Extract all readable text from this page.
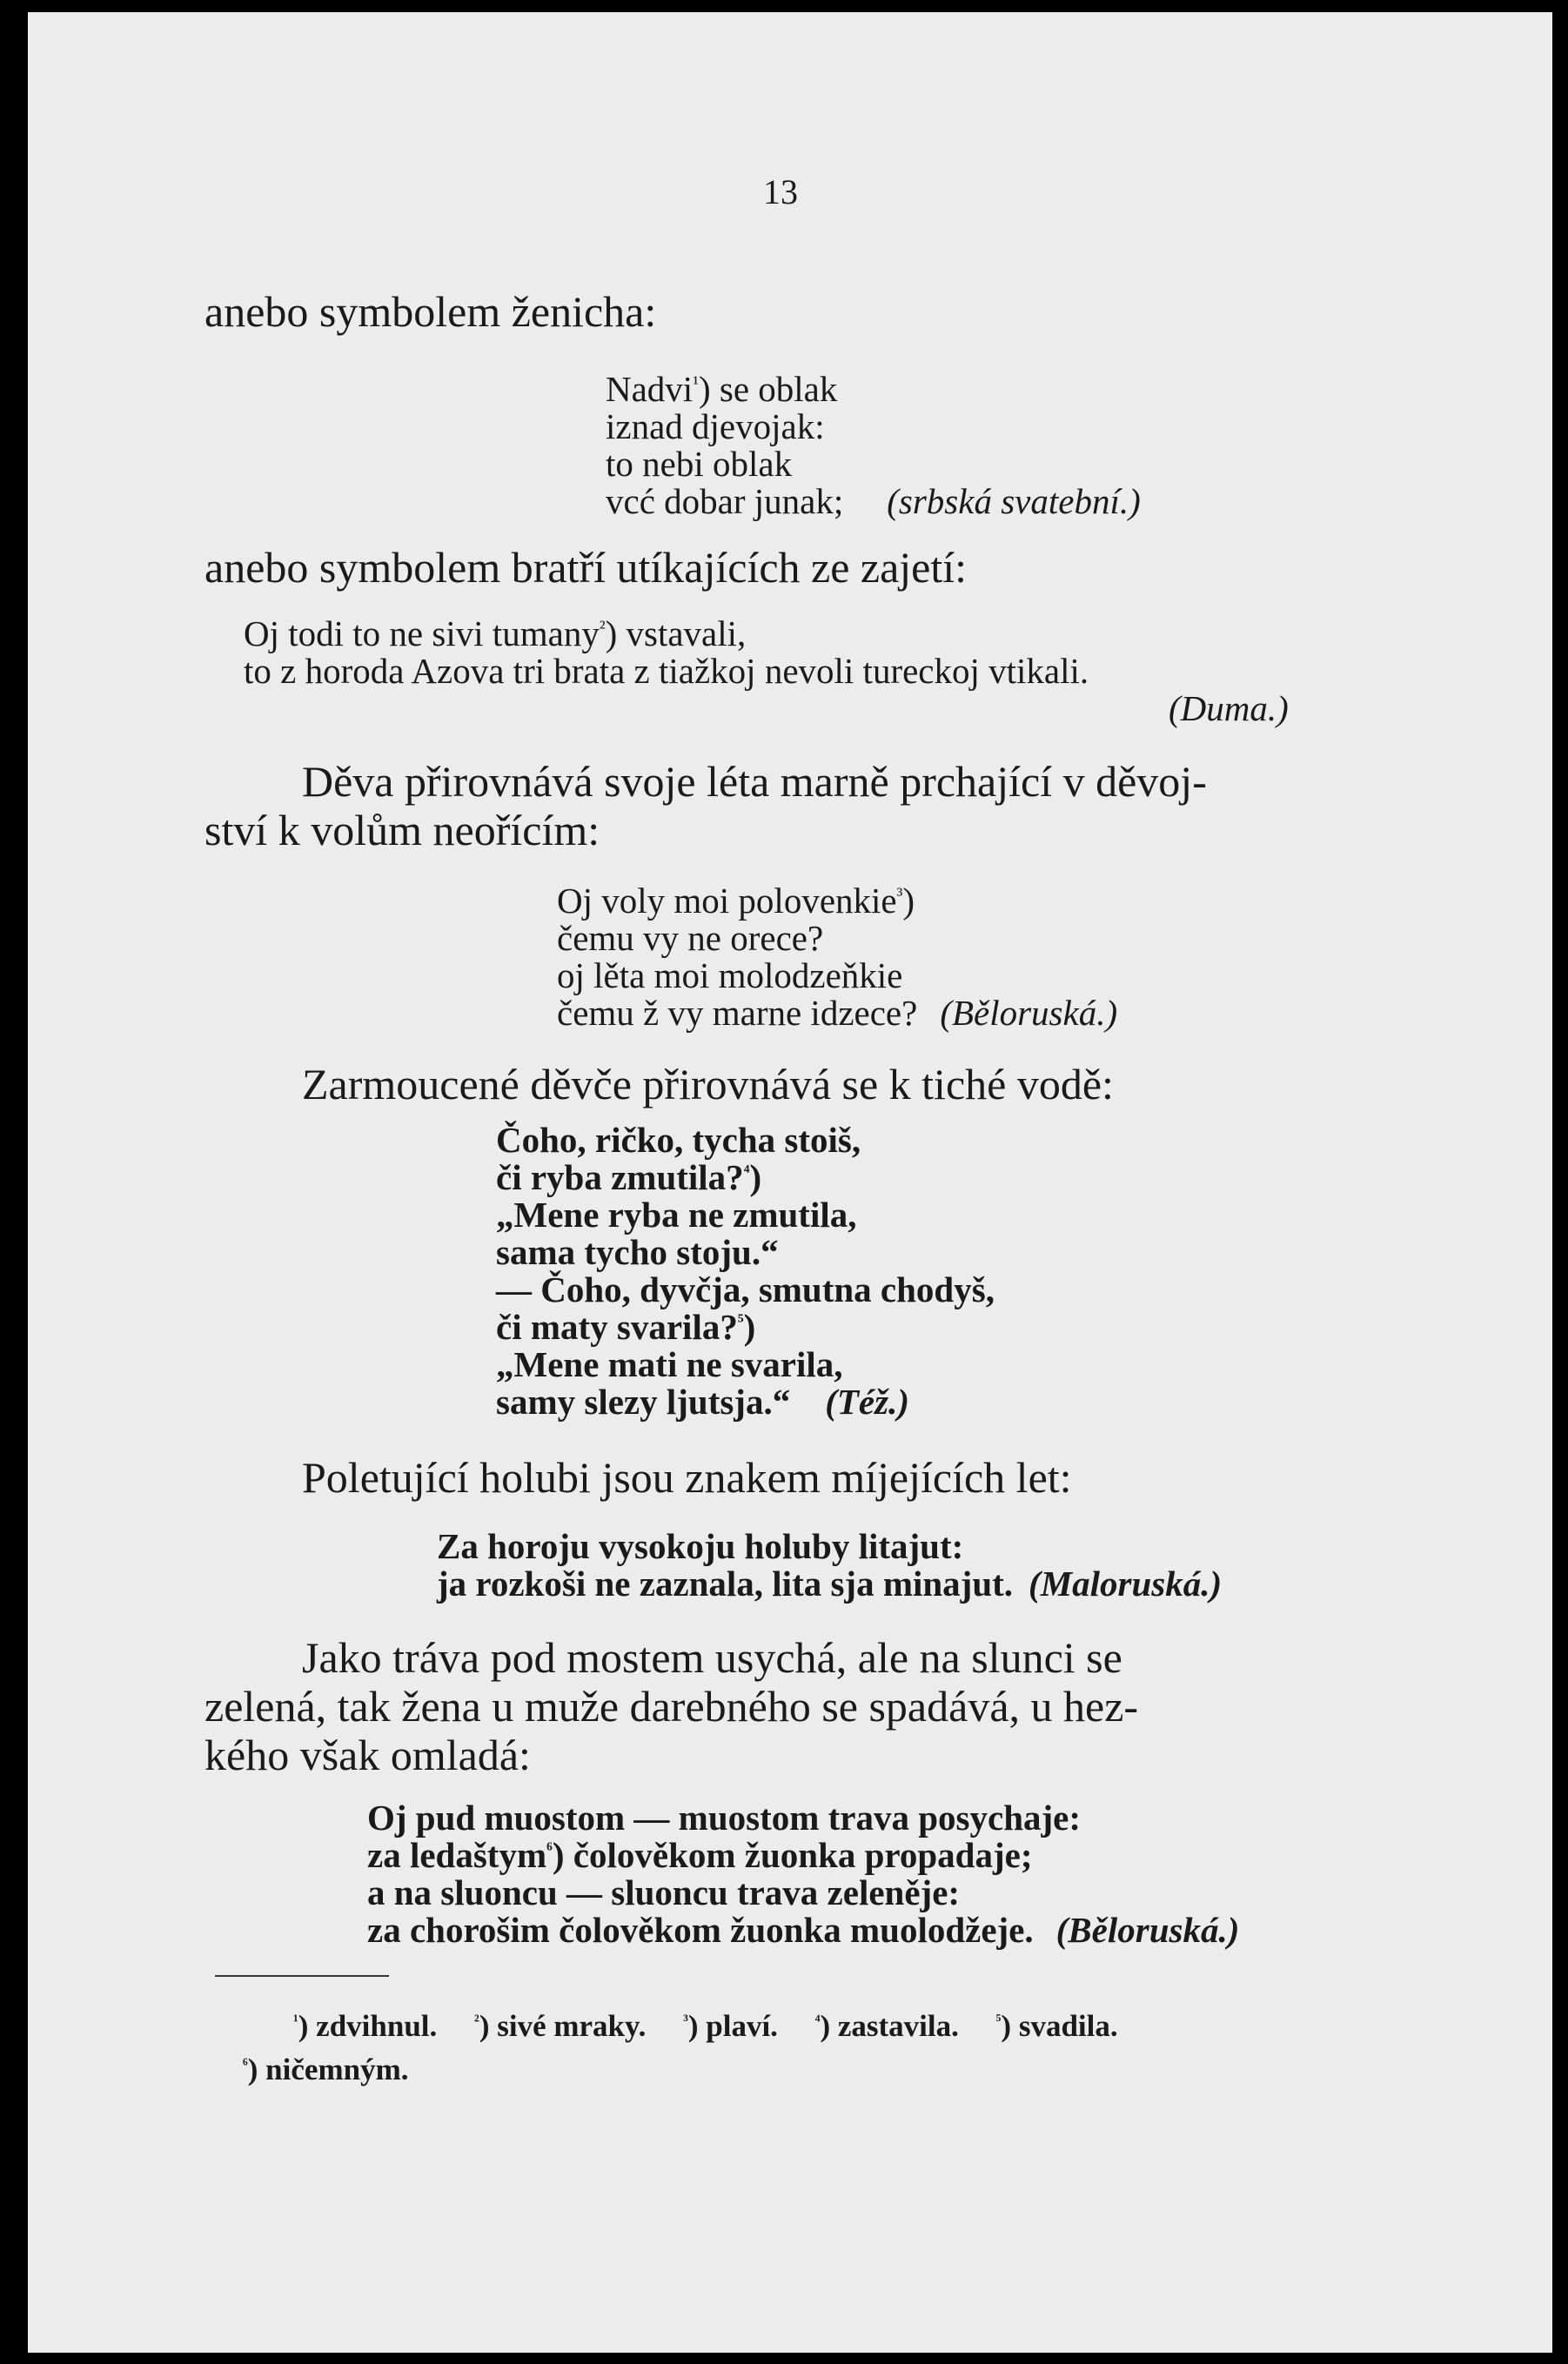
13
anebo symbolem ženicha:
Nadvi$^{^1}$) se oblak
iznad djevojak:
to nebi oblak
vcć dobar junak; (srbská svatební.)
anebo symbolem bratří utíkajících ze zajetí:
Oj todi to ne sivi tumany$^{^2}$) vstavali,
to z horoda Azova tri brata z tiažkoj nevoli tureckoj vtikali.
(Duma.)
Děva přirovnává svoje léta marně prchající v děvoj-
ství k volům neořícím:
Oj voly moi polovenkie$^{^3}$)
čemu vy ne orece?
oj lěta moi molodzeňkie
čemu ž vy marne idzece? (Běloruská.)
Zarmoucené děvče přirovnává se k tiché vodě:
Čoho, ričko, tycha stoiš,
či ryba zmutila?$^{^4}$)
„Mene ryba ne zmutila,
sama tycho stoju.“
— Čoho, dyvčja, smutna chodyš,
či maty svarila?$^{^5}$)
„Mene mati ne svarila,
samy slezy ljutsja.“ (Též.)
Poletující holubi jsou znakem míjejících let:
Za horoju vysokoju holuby litajut:
ja rozkoši ne zaznala, lita sja minajut. (Maloruská.)
Jako tráva pod mostem usychá, ale na slunci se
zelená, tak žena u muže darebného se spadává, u hez-
kého však omladá:
Oj pud muostom — muostom trava posychaje:
za ledaštym$^{^6}$) čolověkom žuonka propadaje;
a na sluoncu — sluoncu trava zeleněje:
za chorošim čolověkom žuonka muolodžeje. (Běloruská.)
$^{^1}$) zdvihnul. $^{^2}$) sivé mraky. $^{^3}$) plaví. $^{^4}$) zastavila. $^{^5}$) svadila.
$^{^6}$) ničemným.
